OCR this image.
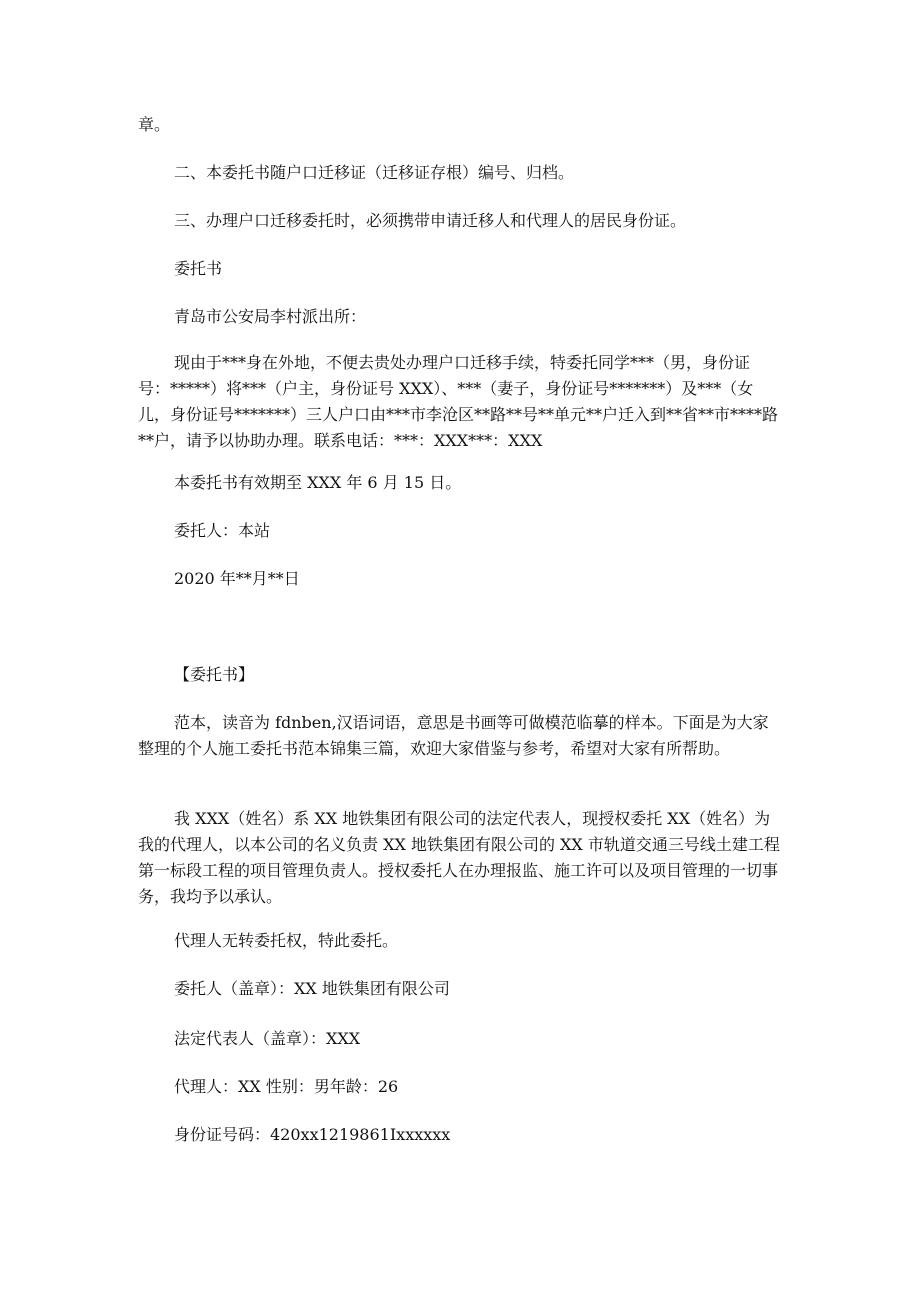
章。

二、本委托书随户口迁移证（迁移证存根）编号、归档。

三、办理户口迁移委托时，必须携带申请迁移人和代理人的居民身份证。

委托书

青岛市公安局李村派出所：

现由于***身在外地，不便去贵处办理户口迁移手续，特委托同学***（男，身份证号：*****）将***（户主，身份证号 XXX）、***（妻子，身份证号*******）及***（女儿，身份证号*******）三人户口由***市李沧区**路**号**单元**户迁入到**省**市****路**户，请予以协助办理。联系电话：***：XXX***：XXX

本委托书有效期至 XXX 年 6 月 15 日。

委托人：本站

2020 年**月**日

【委托书】

范本，读音为 fdnben,汉语词语，意思是书画等可做模范临摹的样本。下面是为大家整理的个人施工委托书范本锦集三篇，欢迎大家借鉴与参考，希望对大家有所帮助。

我 XXX（姓名）系 XX 地铁集团有限公司的法定代表人，现授权委托 XX（姓名）为我的代理人，以本公司的名义负责 XX 地铁集团有限公司的 XX 市轨道交通三号线土建工程第一标段工程的项目管理负责人。授权委托人在办理报监、施工许可以及项目管理的一切事务，我均予以承认。

代理人无转委托权，特此委托。

委托人（盖章）：XX 地铁集团有限公司

法定代表人（盖章）：XXX

代理人：XX 性别：男年龄：26

身份证号码：420xx1219861Ixxxxxx
